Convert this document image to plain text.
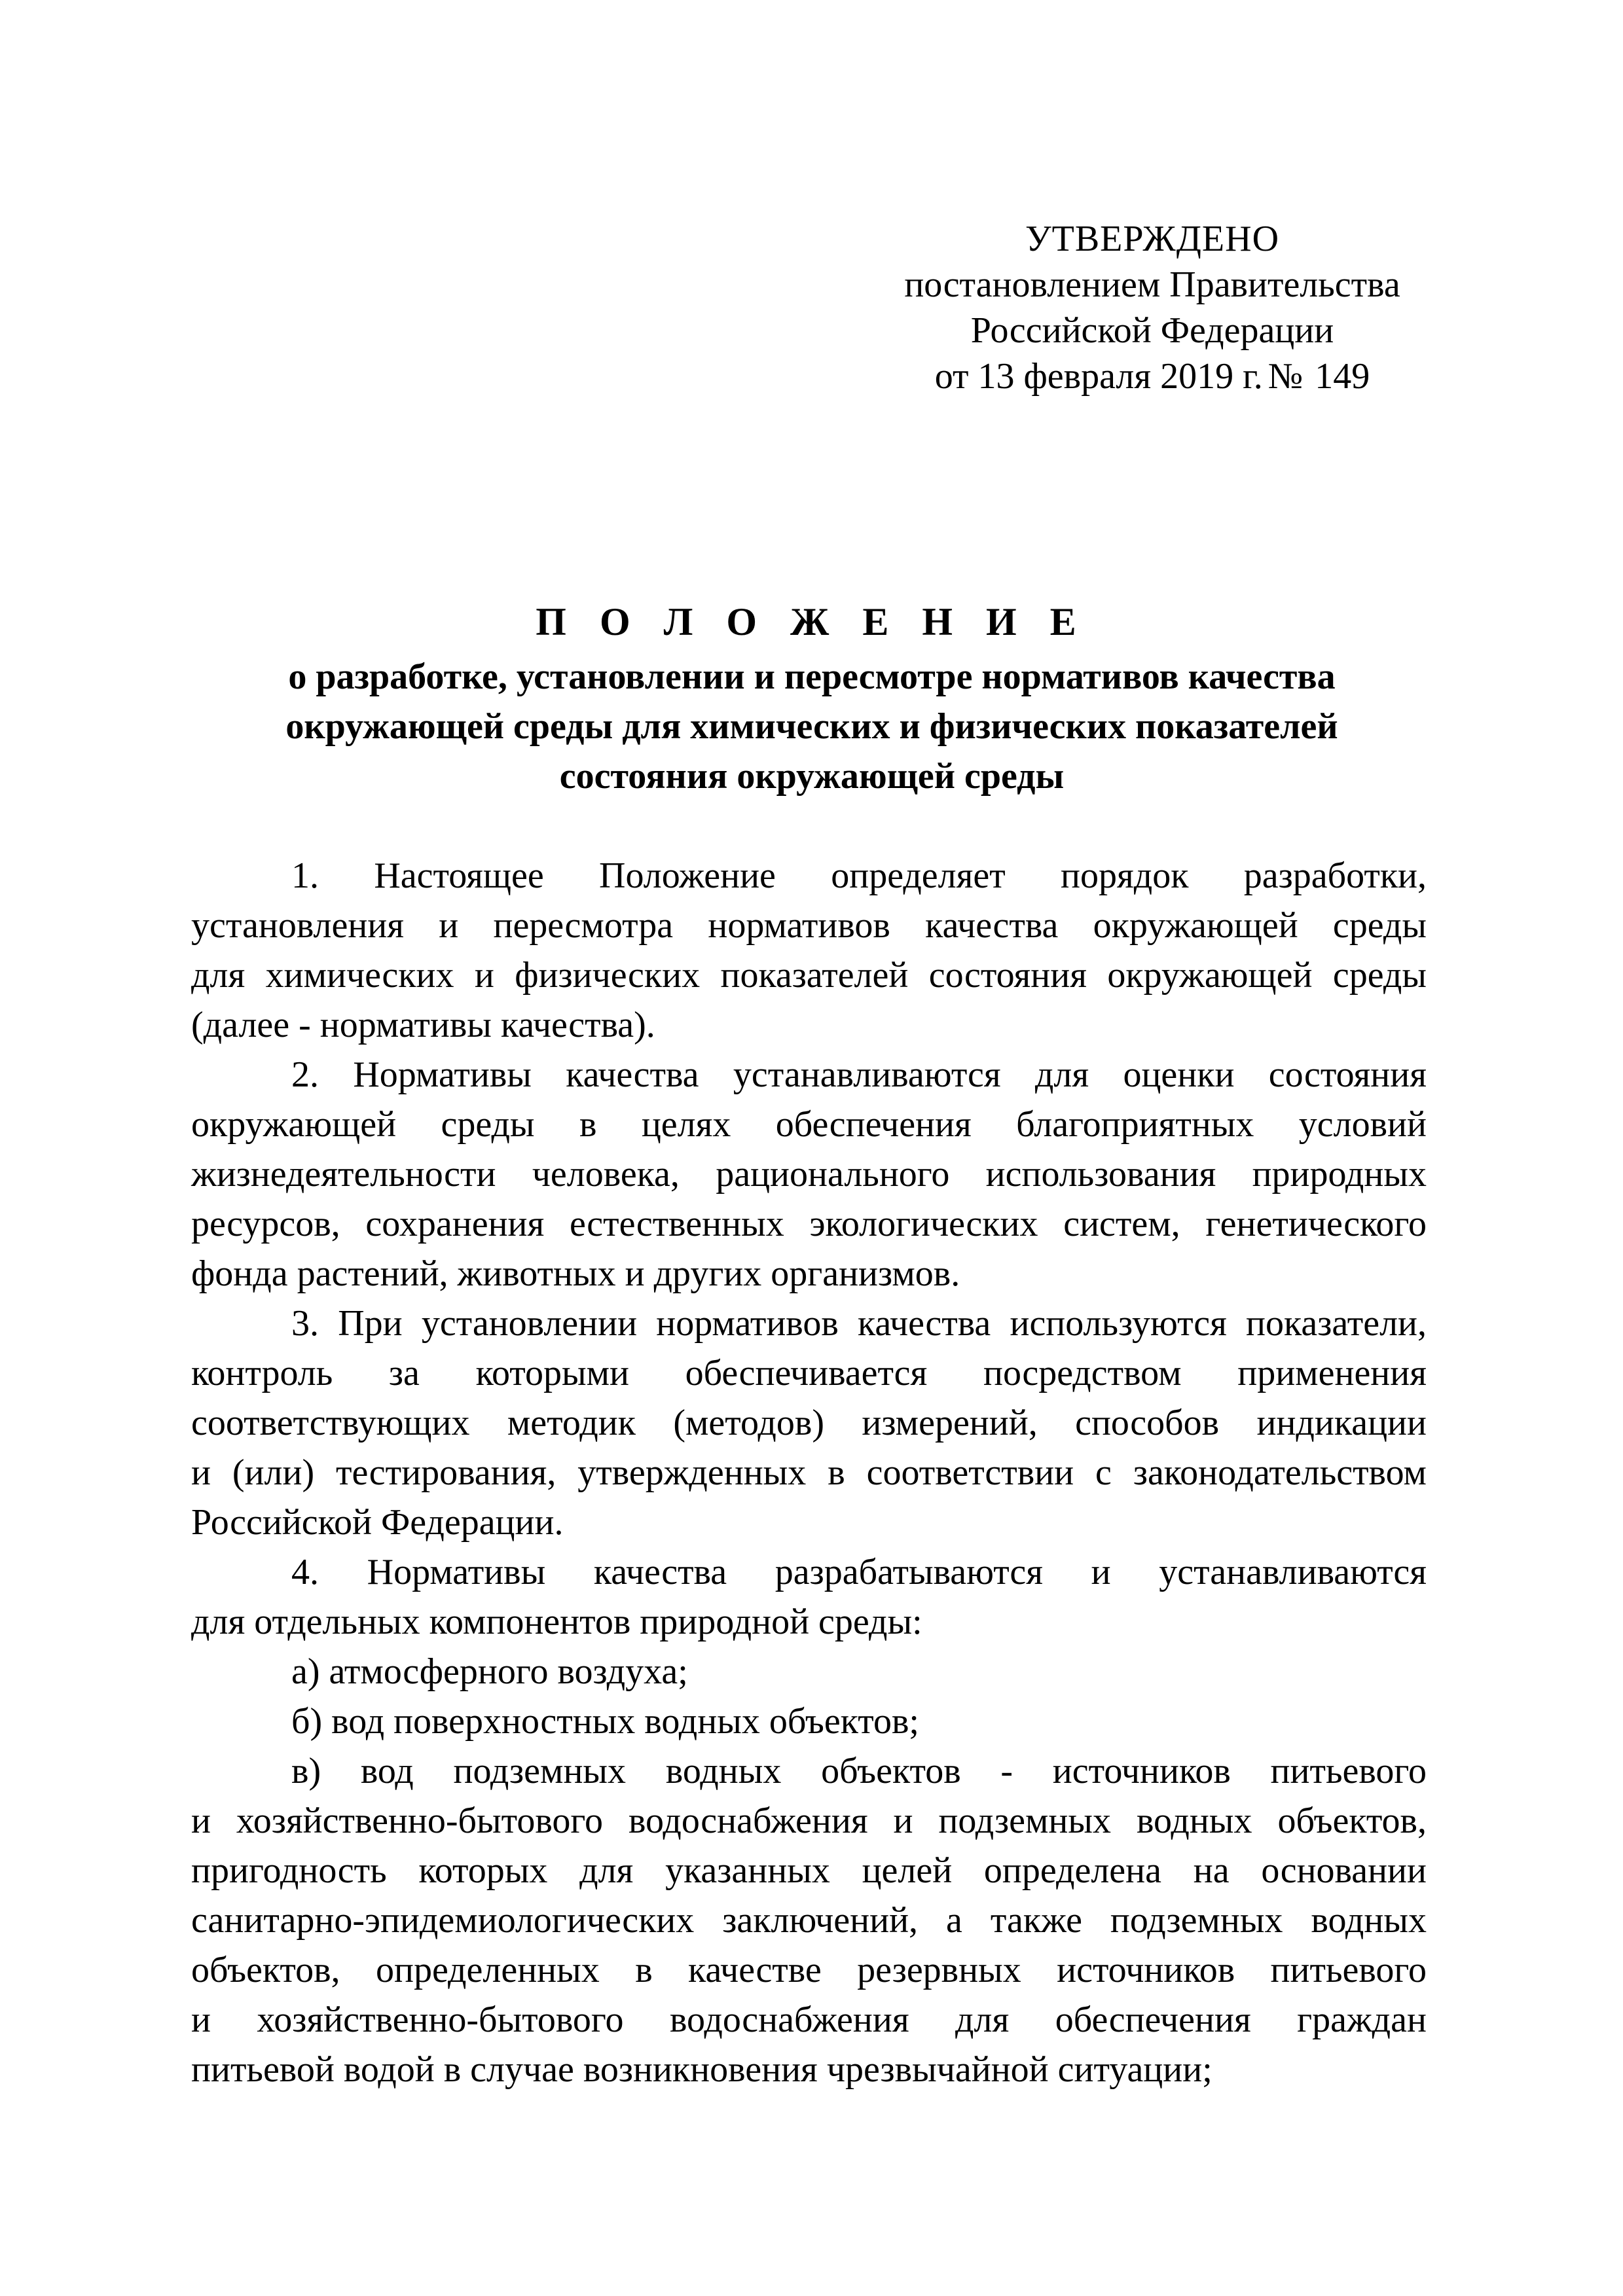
УТВЕРЖДЕНО
постановлением Правительства
Российской Федерации
от 13 февраля 2019 г. № 149
П О Л О Ж Е Н И Е
о разработке, установлении и пересмотре нормативов качества
окружающей среды для химических и физических показателей
состояния окружающей среды
1. Настоящее Положение определяет порядок разработки,
установления и пересмотра нормативов качества окружающей среды
для химических и физических показателей состояния окружающей среды
(далее - нормативы качества).
2. Нормативы качества устанавливаются для оценки состояния
окружающей среды в целях обеспечения благоприятных условий
жизнедеятельности человека, рационального использования природных
ресурсов, сохранения естественных экологических систем, генетического
фонда растений, животных и других организмов.
3. При установлении нормативов качества используются показатели,
контроль за которыми обеспечивается посредством применения
соответствующих методик (методов) измерений, способов индикации
и (или) тестирования, утвержденных в соответствии с законодательством
Российской Федерации.
4. Нормативы качества разрабатываются и устанавливаются
для отдельных компонентов природной среды:
а) атмосферного воздуха;
б) вод поверхностных водных объектов;
в) вод подземных водных объектов - источников питьевого
и хозяйственно-бытового водоснабжения и подземных водных объектов,
пригодность которых для указанных целей определена на основании
санитарно-эпидемиологических заключений, а также подземных водных
объектов, определенных в качестве резервных источников питьевого
и хозяйственно-бытового водоснабжения для обеспечения граждан
питьевой водой в случае возникновения чрезвычайной ситуации;
